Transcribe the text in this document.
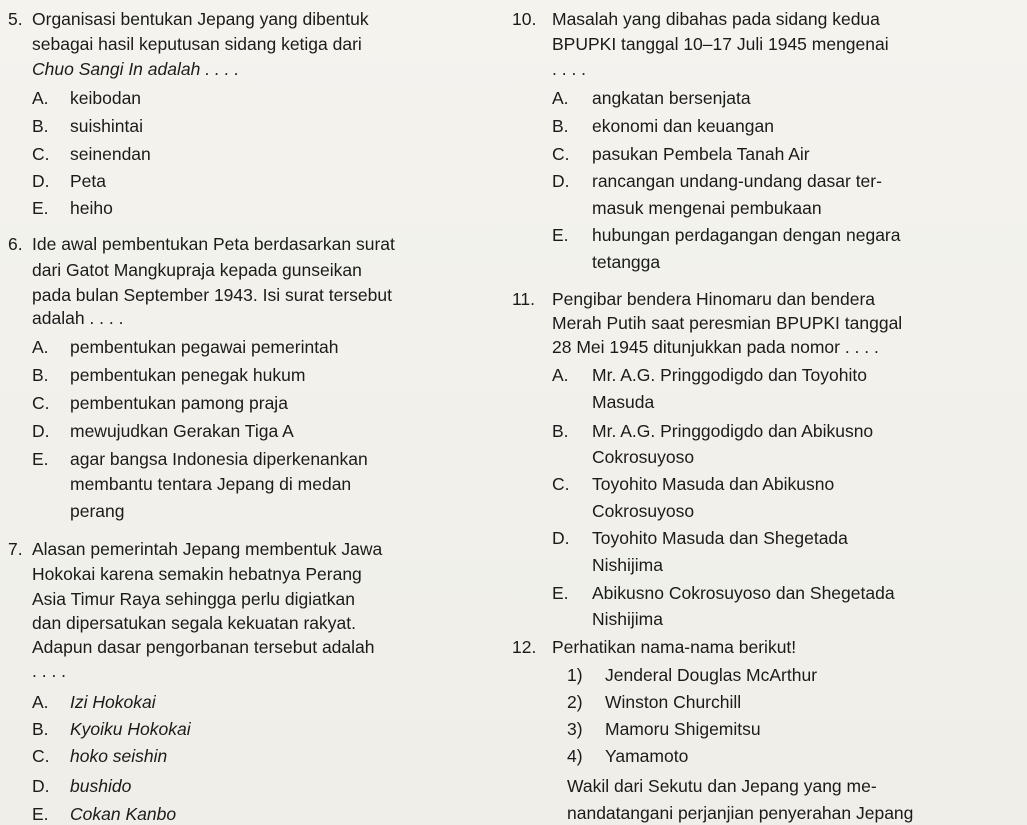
5. Organisasi bentukan Jepang yang dibentuk
sebagai hasil keputusan sidang ketiga dari
Chuo Sangi In adalah . . . .
A. keibodan
B. suishintai
C. seinendan
D. Peta
E. heiho
6. Ide awal pembentukan Peta berdasarkan surat
dari Gatot Mangkupraja kepada gunseikan
pada bulan September 1943. Isi surat tersebut
adalah . . . .
A. pembentukan pegawai pemerintah
B. pembentukan penegak hukum
C. pembentukan pamong praja
D. mewujudkan Gerakan Tiga A
E. agar bangsa Indonesia diperkenankan
membantu tentara Jepang di medan
perang
7. Alasan pemerintah Jepang membentuk Jawa
Hokokai karena semakin hebatnya Perang
Asia Timur Raya sehingga perlu digiatkan
dan dipersatukan segala kekuatan rakyat.
Adapun dasar pengorbanan tersebut adalah
. . . .
A. Izi Hokokai
B. Kyoiku Hokokai
C. hoko seishin
D. bushido
E. Cokan Kanbo
10. Masalah yang dibahas pada sidang kedua
BPUPKI tanggal 10–17 Juli 1945 mengenai
. . . .
A. angkatan bersenjata
B. ekonomi dan keuangan
C. pasukan Pembela Tanah Air
D. rancangan undang-undang dasar ter-
masuk mengenai pembukaan
E. hubungan perdagangan dengan negara
tetangga
11. Pengibar bendera Hinomaru dan bendera
Merah Putih saat peresmian BPUPKI tanggal
28 Mei 1945 ditunjukkan pada nomor . . . .
A. Mr. A.G. Pringgodigdo dan Toyohito
Masuda
B. Mr. A.G. Pringgodigdo dan Abikusno
Cokrosuyoso
C. Toyohito Masuda dan Abikusno
Cokrosuyoso
D. Toyohito Masuda dan Shegetada
Nishijima
E. Abikusno Cokrosuyoso dan Shegetada
Nishijima
12. Perhatikan nama-nama berikut!
1) Jenderal Douglas McArthur
2) Winston Churchill
3) Mamoru Shigemitsu
4) Yamamoto
Wakil dari Sekutu dan Jepang yang me-
nandatangani perjanjian penyerahan Jepang
